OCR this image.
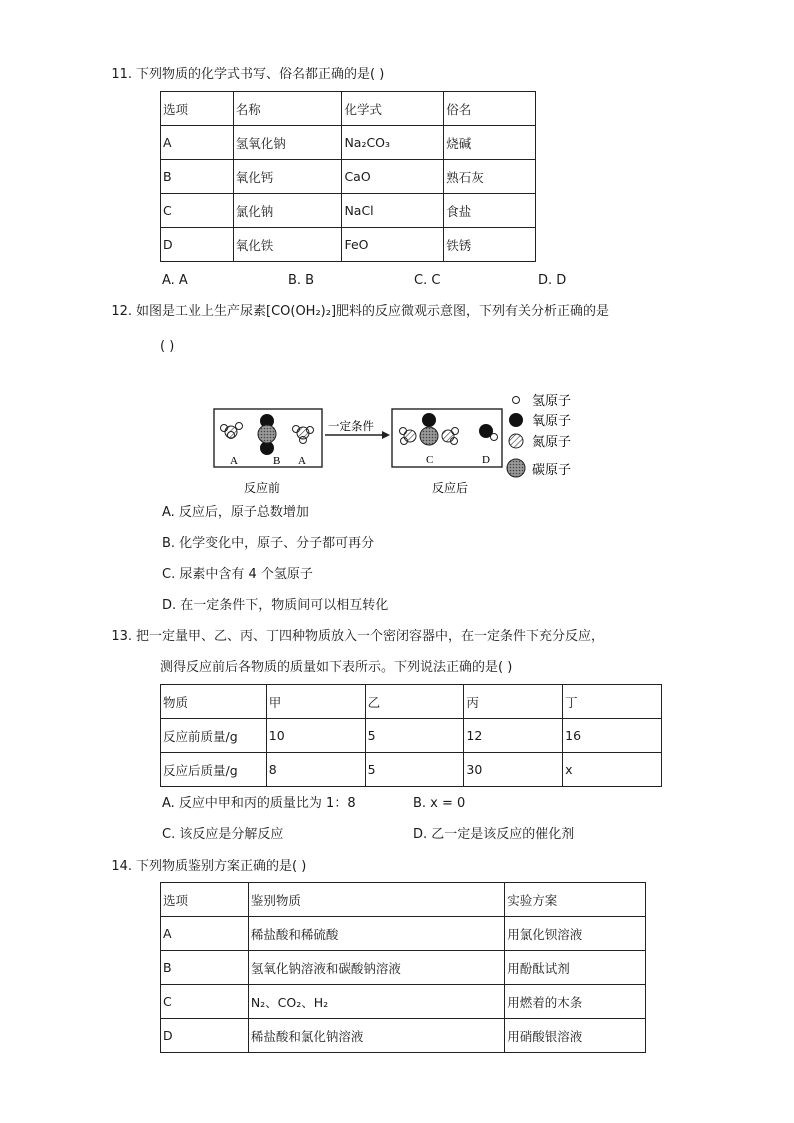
11. 下列物质的化学式书写、俗名都正确的是( )
选项	名称	化学式	俗名
A	氢氧化钠	Na₂CO₃	烧碱
B	氧化钙	CaO	熟石灰
C	氯化钠	NaCl	食盐
D	氧化铁	FeO	铁锈
A. A	B. B	C. C	D. D
12. 如图是工业上生产尿素[CO(OH₂)₂]肥料的反应微观示意图，下列有关分析正确的是
( )
A	B A
一定条件
C	D
反应前	反应后
氢原子
氧原子
氮原子
碳原子
A. 反应后，原子总数增加
B. 化学变化中，原子、分子都可再分
C. 尿素中含有 4 个氢原子
D. 在一定条件下，物质间可以相互转化
13. 把一定量甲、乙、丙、丁四种物质放入一个密闭容器中，在一定条件下充分反应，
测得反应前后各物质的质量如下表所示。下列说法正确的是( )
物质	甲	乙	丙	丁
反应前质量/g	10	5	12	16
反应后质量/g	8	5	30	x
A. 反应中甲和丙的质量比为 1：8	B. x = 0
C. 该反应是分解反应	D. 乙一定是该反应的催化剂
14. 下列物质鉴别方案正确的是( )
选项	鉴别物质	实验方案
A	稀盐酸和稀硫酸	用氯化钡溶液
B	氢氧化钠溶液和碳酸钠溶液	用酚酞试剂
C	N₂、CO₂、H₂	用燃着的木条
D	稀盐酸和氯化钠溶液	用硝酸银溶液
